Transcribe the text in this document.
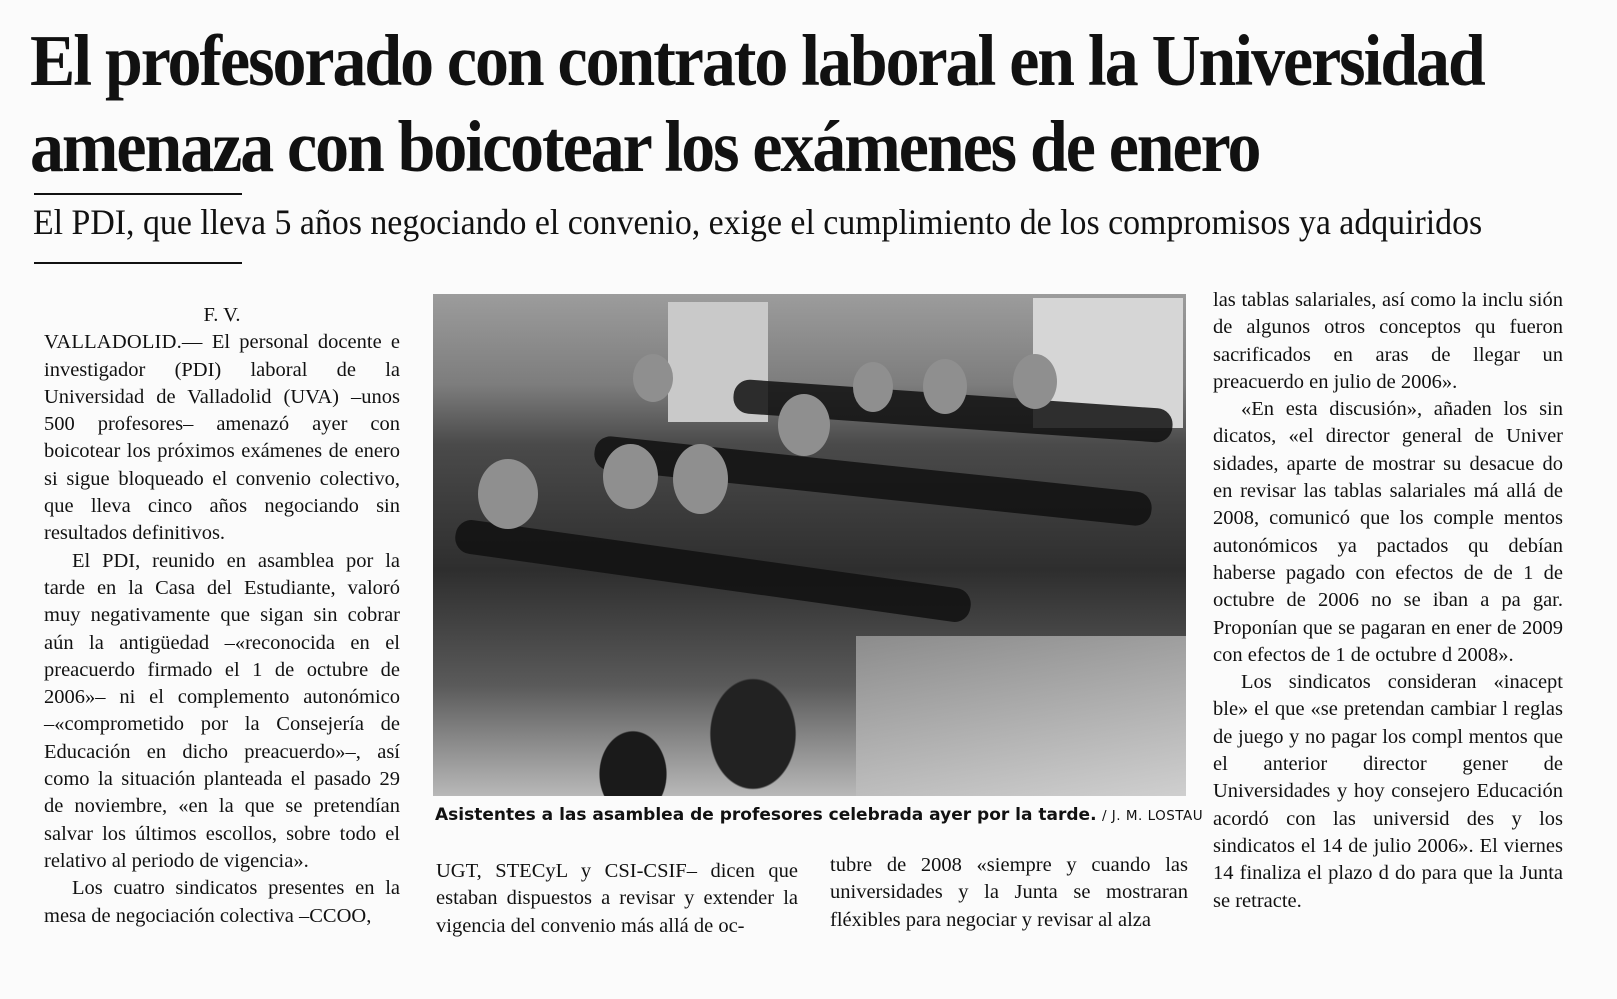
El profesorado con contrato laboral en la Universidad
amenaza con boicotear los exámenes de enero
El PDI, que lleva 5 años negociando el convenio, exige el cumplimiento de los compromisos ya adquiridos

F. V.

VALLADOLID.— El personal docente e investigador (PDI) laboral de la Universidad de Valladolid (UVA) –unos 500 profesores– amenazó ayer con boicotear los próximos exámenes de enero si sigue bloqueado el convenio colectivo, que lleva cinco años negociando sin resultados definitivos.

El PDI, reunido en asamblea por la tarde en la Casa del Estudiante, valoró muy negativamente que sigan sin cobrar aún la antigüedad –«reconocida en el preacuerdo firmado el 1 de octubre de 2006»– ni el complemento autonómico –«comprometido por la Consejería de Educación en dicho preacuerdo»–, así como la situación planteada el pasado 29 de noviembre, «en la que se pretendían salvar los últimos escollos, sobre todo el relativo al periodo de vigencia».

Los cuatro sindicatos presentes en la mesa de negociación colectiva –CCOO,

Asistentes a las asamblea de profesores celebrada ayer por la tarde. / J. M. LOSTAU

UGT, STECyL y CSI-CSIF– dicen que estaban dispuestos a revisar y extender la vigencia del convenio más allá de oc-

tubre de 2008 «siempre y cuando las universidades y la Junta se mostraran fléxibles para negociar y revisar al alza

las tablas salariales, así como la inclu sión de algunos otros conceptos qu fueron sacrificados en aras de llegar un preacuerdo en julio de 2006».

«En esta discusión», añaden los sin dicatos, «el director general de Univer sidades, aparte de mostrar su desacue do en revisar las tablas salariales má allá de 2008, comunicó que los comple mentos autonómicos ya pactados qu debían haberse pagado con efectos de de 1 de octubre de 2006 no se iban a pa gar. Proponían que se pagaran en ener de 2009 con efectos de 1 de octubre d 2008».

Los sindicatos consideran «inacept ble» el que «se pretendan cambiar l reglas de juego y no pagar los compl mentos que el anterior director gener de Universidades y hoy consejero Educación acordó con las universid des y los sindicatos el 14 de julio 2006». El viernes 14 finaliza el plazo d do para que la Junta se retracte.
